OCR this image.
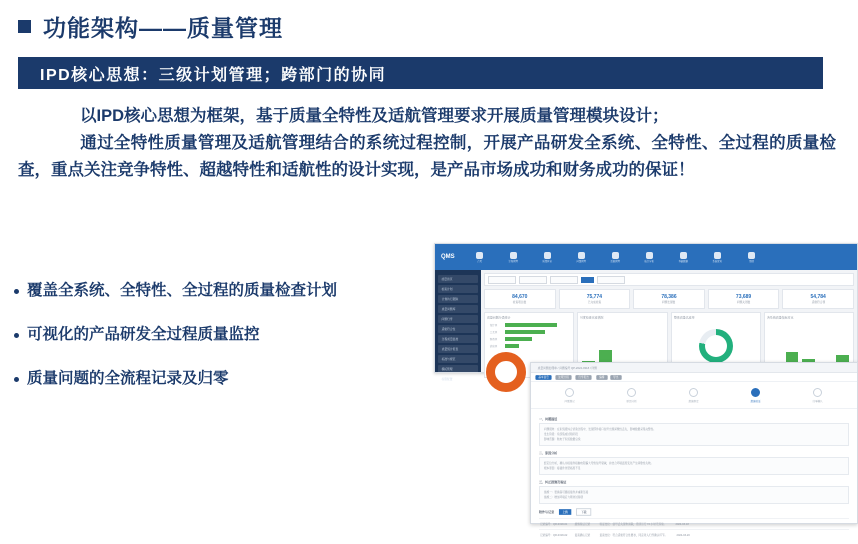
功能架构——质量管理
IPD核心思想：三级计划管理；跨部门的协同
以IPD核心思想为框架，基于质量全特性及适航管理要求开展质量管理模块设计；
通过全特性质量管理及适航管理结合的系统过程控制，开展产品研发全系统、全特性、全过程的质量检查，重点关注竞争特性、超越特性和适航性的设计实现，是产品市场成功和财务成功的保证！
覆盖全系统、全特性、全过程的质量检查计划
可视化的产品研发全过程质量监控
质量问题的全流程记录及归零
QMS
首页	计划管理	质量检查	问题管理	适航管理	统计分析	基础数据	系统设置	帮助
质量首页
检查计划
计划执行跟踪
质量问题库
问题归零
适航符合性
过程质量监控
质量统计报表
标准与规范
模板管理
权限配置
84,670
检查项总数
75,774
已完成检查
78,386
问题发现数
73,689
问题关闭数
54,784
适航符合项
质量问题分类统计
设计类
工艺类
制造类
试验类
月度检查完成情况	整体质量达成率	各系统质量指标对比
质量问题处理单 / 问题编号 QP-2024-0318 / 详情
基本信息	处理过程	归零报告	编辑	导出
问题登记	原因分析	措施制定	措施验证	归零确认
一、问题描述
问题现象：在系统级综合试验过程中，发现部件接口信号出现间歇性丢失，影响数据采集完整性。
发生阶段：系统集成试验阶段
影响范围：航电子系统数据总线
二、原因分析
经定位分析，确认为接插件接触电阻偏大导致信号衰减，并结合环境温度变化产生间歇性失效。
根本原因：接插件选型裕度不足
三、纠正措施及验证
措施一：更换高可靠接插件并重新压接
措施二：增加环境应力筛选试验项
附件与记录	上传	下载
记录编号：QR-0318-01	措施验证记录	验证结论：信号丢失现象消除，连续运行 72 小时无异常。	2024-03-18
记录编号：QR-0318-02	复查确认记录	复查结论：符合适航符合性要求，同意进入归零确认环节。	2024-03-20
